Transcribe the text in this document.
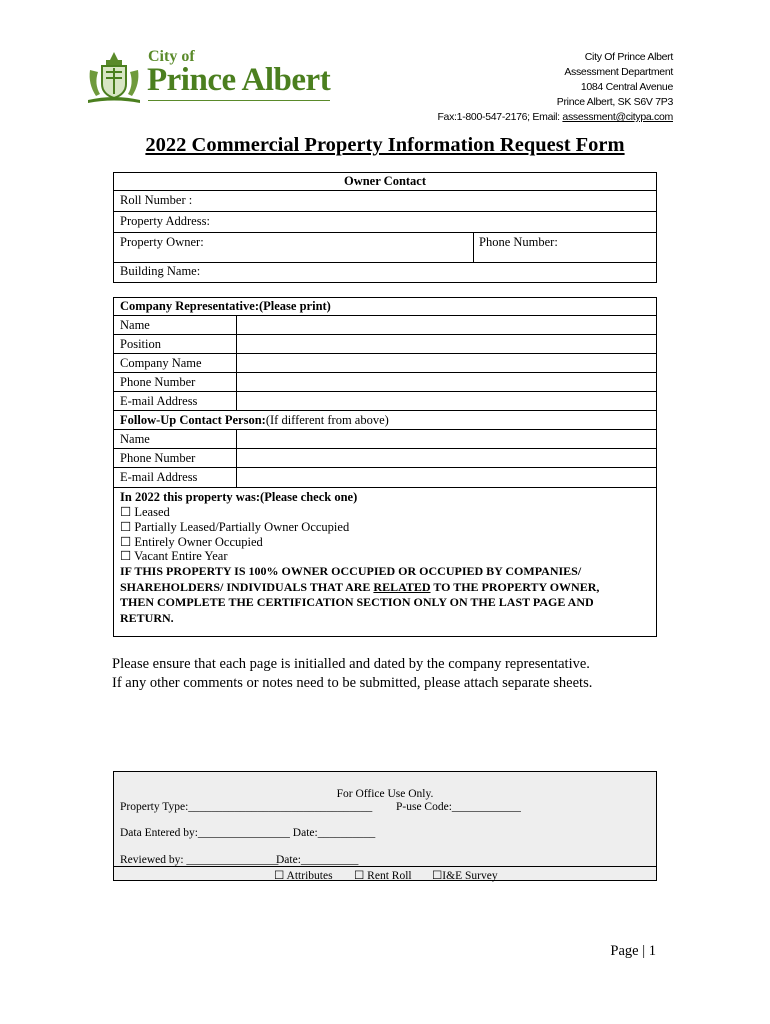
City of
Prince Albert
City Of Prince Albert
Assessment Department
1084 Central Avenue
Prince Albert, SK S6V 7P3
Fax:1-800-547-2176; Email: assessment@citypa.com
2022 Commercial Property Information Request Form
Owner Contact
Roll Number :
Property Address:
Property Owner:	Phone Number:
Building Name:
Company Representative:(Please print)
Name
Position
Company Name
Phone Number
E-mail Address
Follow-Up Contact Person:(If different from above)
Name
Phone Number
E-mail Address
In 2022 this property was:(Please check one)
☐ Leased
☐ Partially Leased/Partially Owner Occupied
☐ Entirely Owner Occupied
☐ Vacant Entire Year
IF THIS PROPERTY IS 100% OWNER OCCUPIED OR OCCUPIED BY COMPANIES/
SHAREHOLDERS/ INDIVIDUALS THAT ARE RELATED TO THE PROPERTY OWNER,
THEN COMPLETE THE CERTIFICATION SECTION ONLY ON THE LAST PAGE AND
RETURN.
Please ensure that each page is initialled and dated by the company representative.
If any other comments or notes need to be submitted, please attach separate sheets.
For Office Use Only.
Property Type:________________________________ P-use Code:____________
Data Entered by:________________ Date:__________
Reviewed by: ________________
Date:__________
☐ Attributes ☐ Rent Roll ☐I&E Survey
Page | 1
